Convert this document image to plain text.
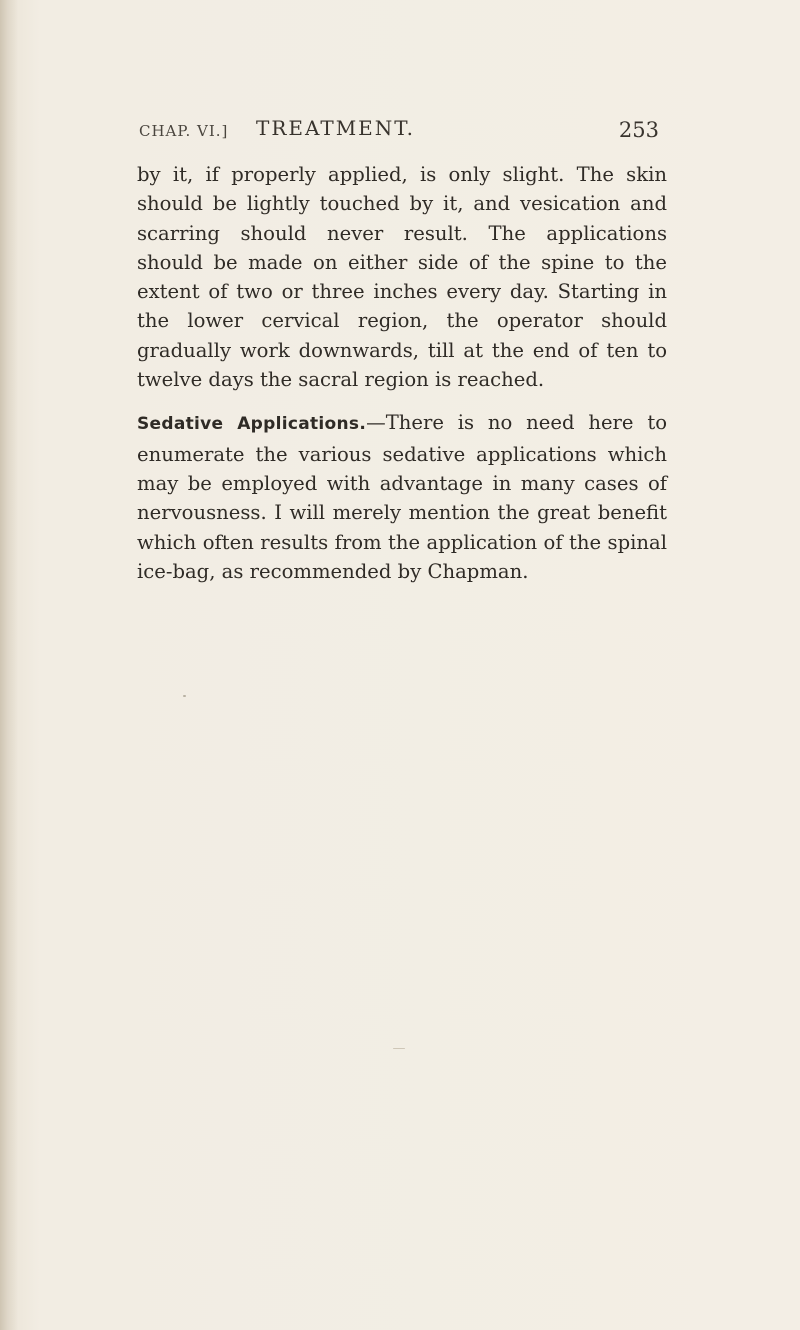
CHAP. VI.] TREATMENT.	253

by it, if properly applied, is only slight. The skin should be lightly touched by it, and vesication and scarring should never result. The applications should be made on either side of the spine to the extent of two or three inches every day. Starting in the lower cervical region, the operator should gradually work downwards, till at the end of ten to twelve days the sacral region is reached.

Sedative Applications.—There is no need here to enumerate the various sedative applications which may be employed with advantage in many cases of nervousness. I will merely mention the great benefit which often results from the application of the spinal ice-bag, as recommended by Chapman.
